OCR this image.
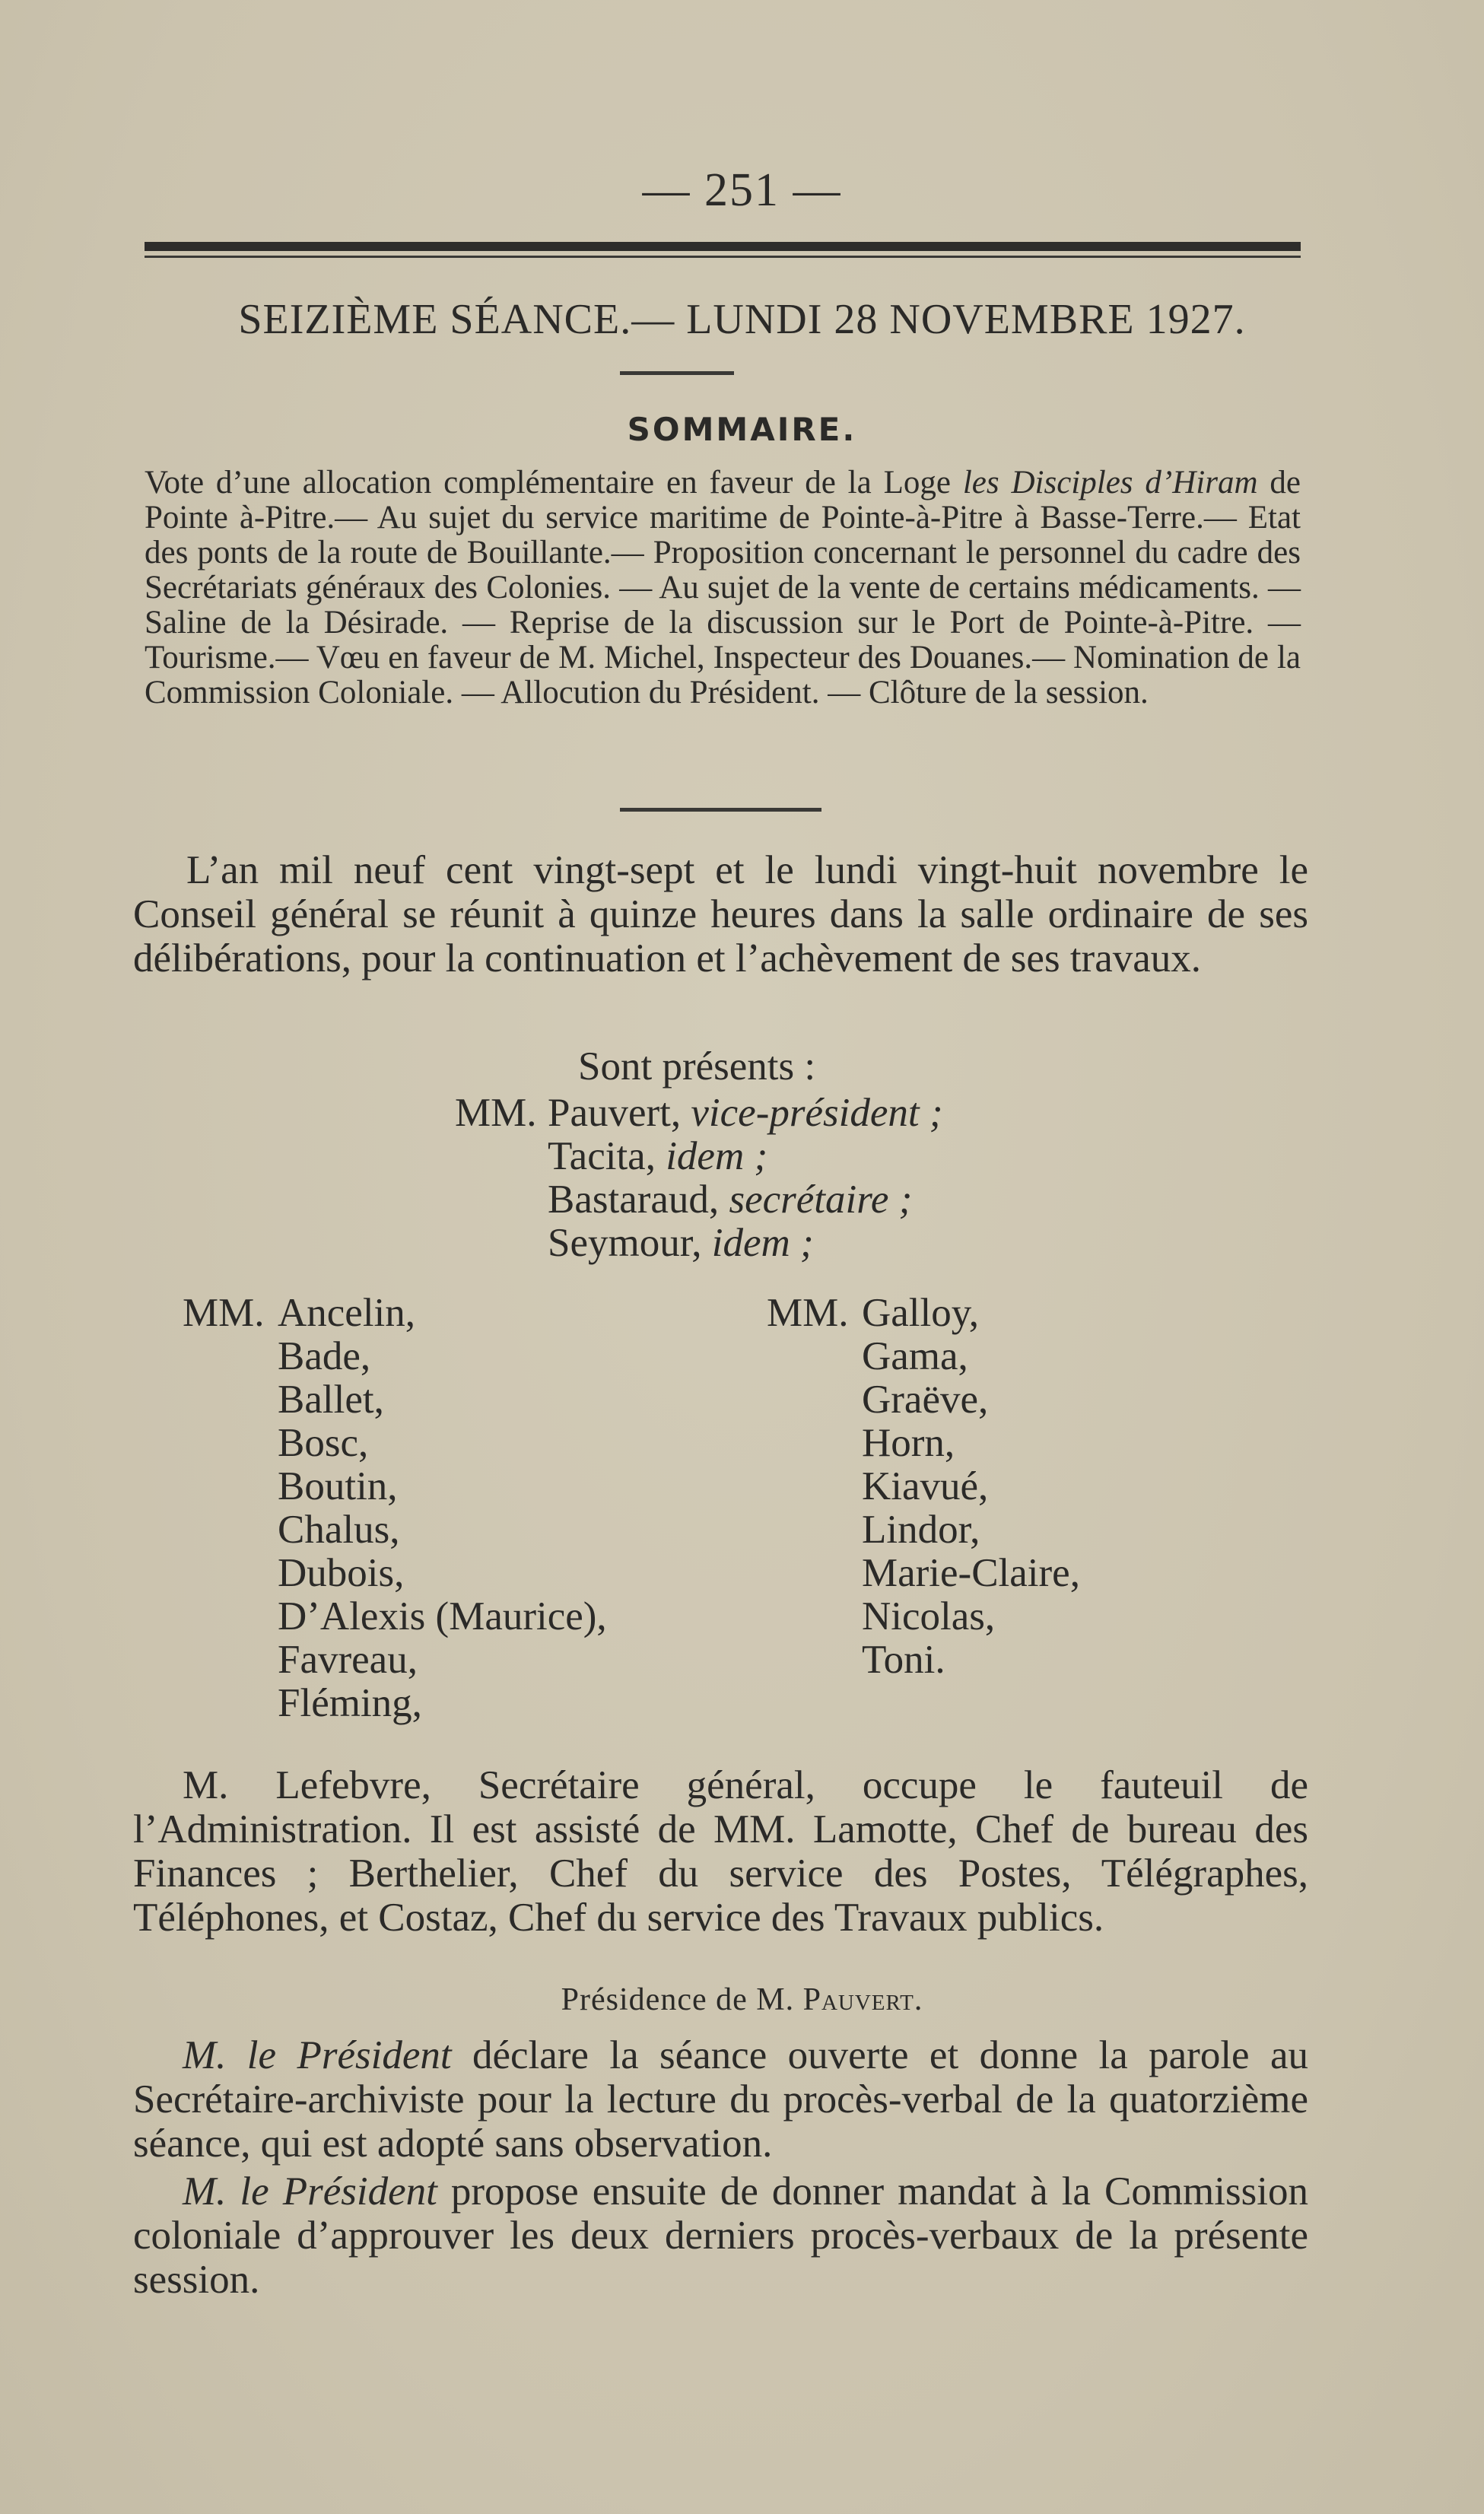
— 251 —
SEIZIÈME SÉANCE.— LUNDI 28 NOVEMBRE 1927.
SOMMAIRE.
Vote d’une allocation complémentaire en faveur de la Loge les Disciples d’Hiram de Pointe à-Pitre.— Au sujet du service maritime de Pointe-à-Pitre à Basse-Terre.— Etat des ponts de la route de Bouillante.— Proposition concernant le personnel du cadre des Secrétariats généraux des Colonies. — Au sujet de la vente de certains médicaments. — Saline de la Désirade. — Reprise de la discussion sur le Port de Pointe-à-Pitre. — Tourisme.— Vœu en faveur de M. Michel, Inspecteur des Douanes.— Nomination de la Commission Coloniale. — Allocution du Président. — Clôture de la session.
L’an mil neuf cent vingt-sept et le lundi vingt-huit novembre le Conseil général se réunit à quinze heures dans la salle ordinaire de ses délibérations, pour la continuation et l’achèvement de ses travaux.
Sont présents :
MM. Pauvert, vice-président ;
Tacita, idem ;
Bastaraud, secrétaire ;
Seymour, idem ;
MM. Ancelin,
Bade,
Ballet,
Bosc,
Boutin,
Chalus,
Dubois,
D’Alexis (Maurice),
Favreau,
Fléming,
MM. Galloy,
Gama,
Graëve,
Horn,
Kiavué,
Lindor,
Marie-Claire,
Nicolas,
Toni.
M. Lefebvre, Secrétaire général, occupe le fauteuil de l’Administration. Il est assisté de MM. Lamotte, Chef de bureau des Finances ; Berthelier, Chef du service des Postes, Télégraphes, Téléphones, et Costaz, Chef du service des Travaux publics.
Présidence de M. Pauvert.
M. le Président déclare la séance ouverte et donne la parole au Secrétaire-archiviste pour la lecture du procès-verbal de la quatorzième séance, qui est adopté sans observation.
M. le Président propose ensuite de donner mandat à la Commission coloniale d’approuver les deux derniers procès-verbaux de la présente session.
